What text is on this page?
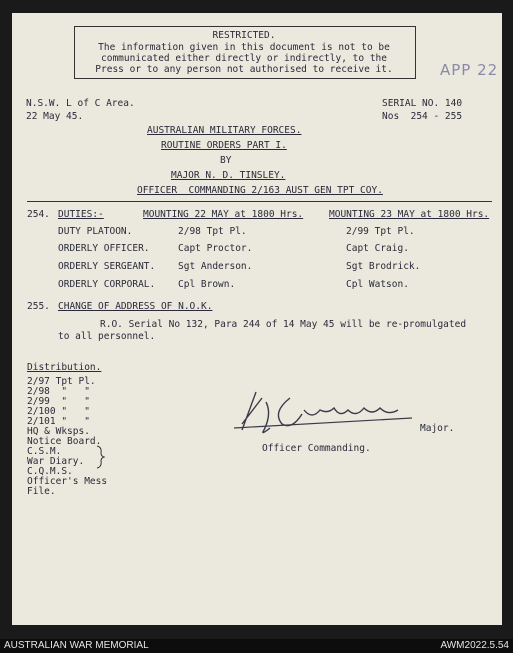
RESTRICTED.
The information given in this document is not to be
communicated either directly or indirectly, to the
Press or to any person not authorised to receive it.	APP 22
N.S.W. L of C Area.
22 May 45.
SERIAL NO. 140
Nos  254 - 255
AUSTRALIAN MILITARY FORCES.
ROUTINE ORDERS PART I.
BY
MAJOR N. D. TINSLEY.
OFFICER  COMMANDING 2/163 AUST GEN TPT COY.
254. DUTIES:-	MOUNTING 22 MAY at 1800 Hrs.	MOUNTING 23 MAY at 1800 Hrs.
DUTY PLATOON.	2/98 Tpt Pl.	2/99 Tpt Pl.
ORDERLY OFFICER.	Capt Proctor.	Capt Craig.
ORDERLY SERGEANT. Sgt Anderson.	Sgt Brodrick.
ORDERLY CORPORAL. Cpl Brown.	Cpl Watson.
255. CHANGE OF ADDRESS OF N.O.K.
R.O. Serial No 132, Para 244 of 14 May 45 will be re-promulgated
to all personnel.
Distribution.
2/97 Tpt Pl.
2/98  "   "
2/99  "   "
2/100 "   "
2/101 "   "
HQ & Wksps.
Notice Board.
C.S.M.
War Diary.
C.Q.M.S.
Officer's Mess
File.
Major.
Officer Commanding.
AUSTRALIAN WAR MEMORIAL	AWM2022.5.54
